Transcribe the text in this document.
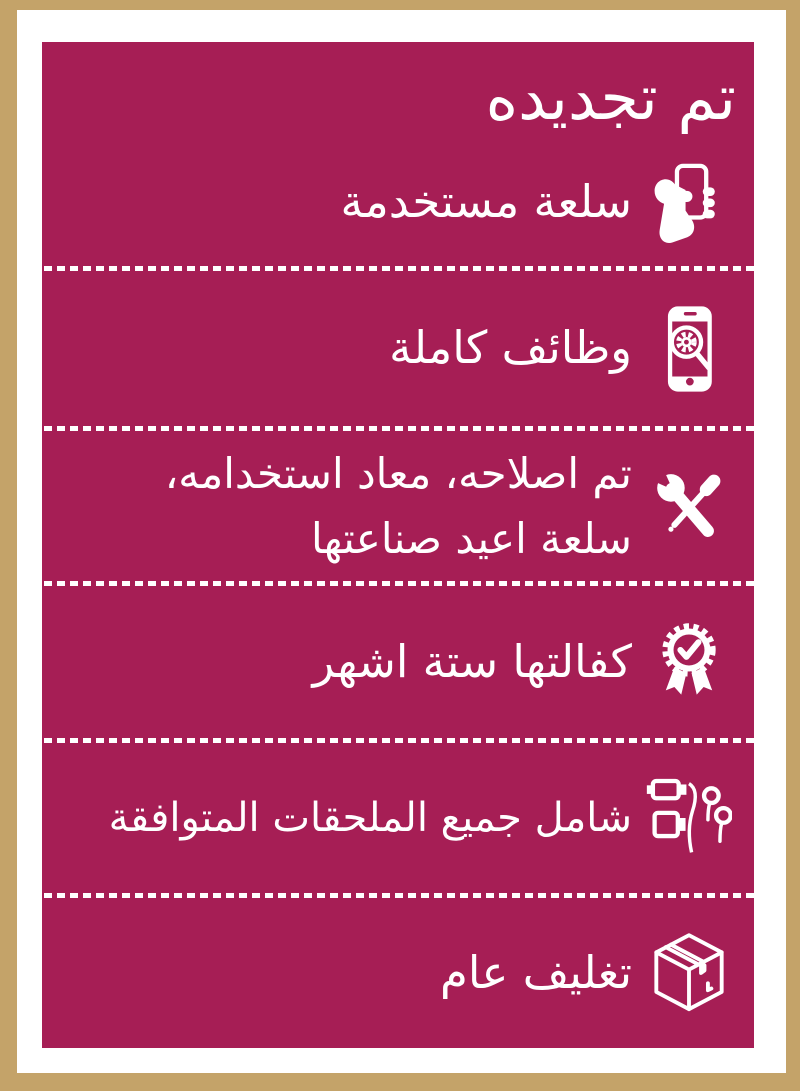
تم تجديده
سلعة مستخدمة
وظائف كاملة
تم اصلاحه، معاد استخدامه،
سلعة اعيد صناعتها
كفالتها ستة اشهر
شامل جميع الملحقات المتوافقة
تغليف عام
